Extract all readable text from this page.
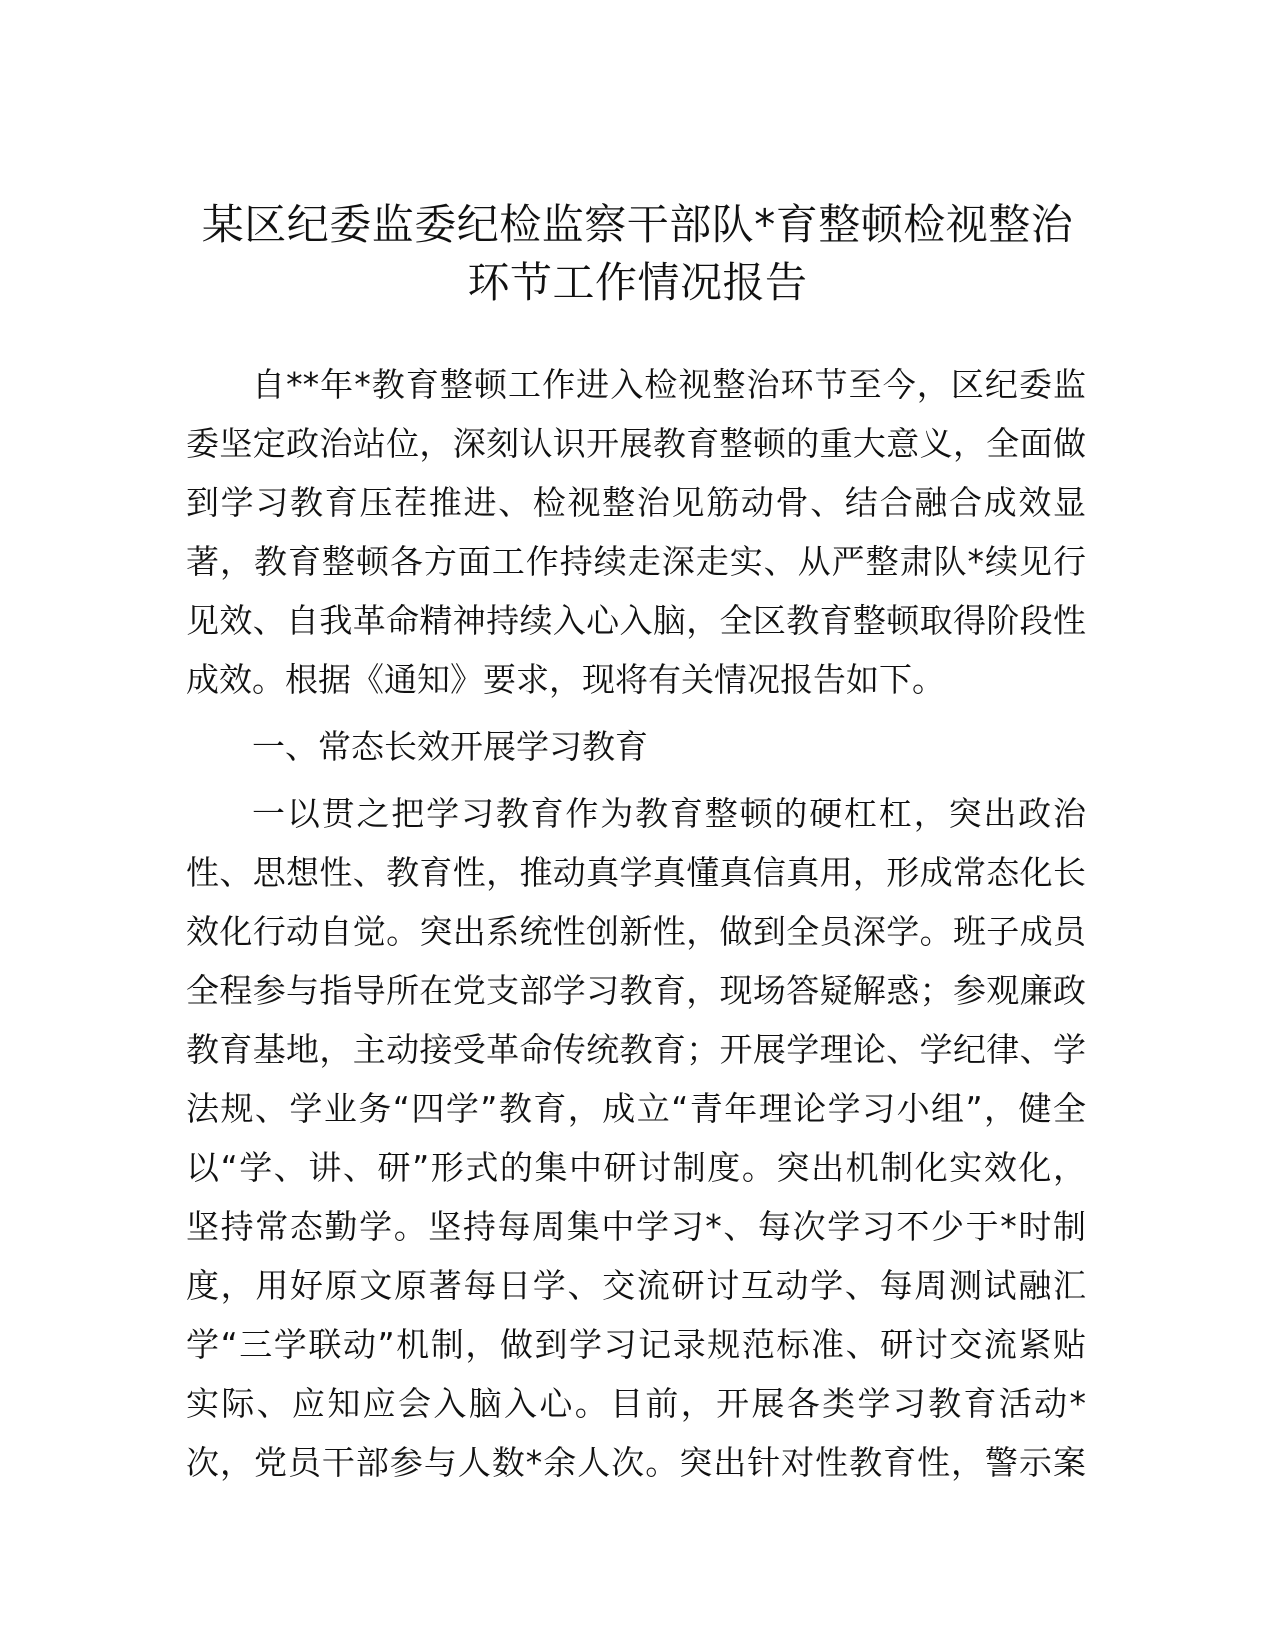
某区纪委监委纪检监察干部队*育整顿检视整治
环节工作情况报告
自**年*教育整顿工作进入检视整治环节至今，区纪委监
委坚定政治站位，深刻认识开展教育整顿的重大意义，全面做
到学习教育压茬推进、检视整治见筋动骨、结合融合成效显
著，教育整顿各方面工作持续走深走实、从严整肃队*续见行
见效、自我革命精神持续入心入脑，全区教育整顿取得阶段性
成效。根据《通知》要求，现将有关情况报告如下。
一、常态长效开展学习教育
一以贯之把学习教育作为教育整顿的硬杠杠，突出政治
性、思想性、教育性，推动真学真懂真信真用，形成常态化长
效化行动自觉。突出系统性创新性，做到全员深学。班子成员
全程参与指导所在党支部学习教育，现场答疑解惑；参观廉政
教育基地，主动接受革命传统教育；开展学理论、学纪律、学
法规、学业务“四学”教育，成立“青年理论学习小组”，健全
以“学、讲、研”形式的集中研讨制度。突出机制化实效化，
坚持常态勤学。坚持每周集中学习*、每次学习不少于*时制
度，用好原文原著每日学、交流研讨互动学、每周测试融汇
学“三学联动”机制，做到学习记录规范标准、研讨交流紧贴
实际、应知应会入脑入心。目前，开展各类学习教育活动*
次，党员干部参与人数*余人次。突出针对性教育性，警示案
